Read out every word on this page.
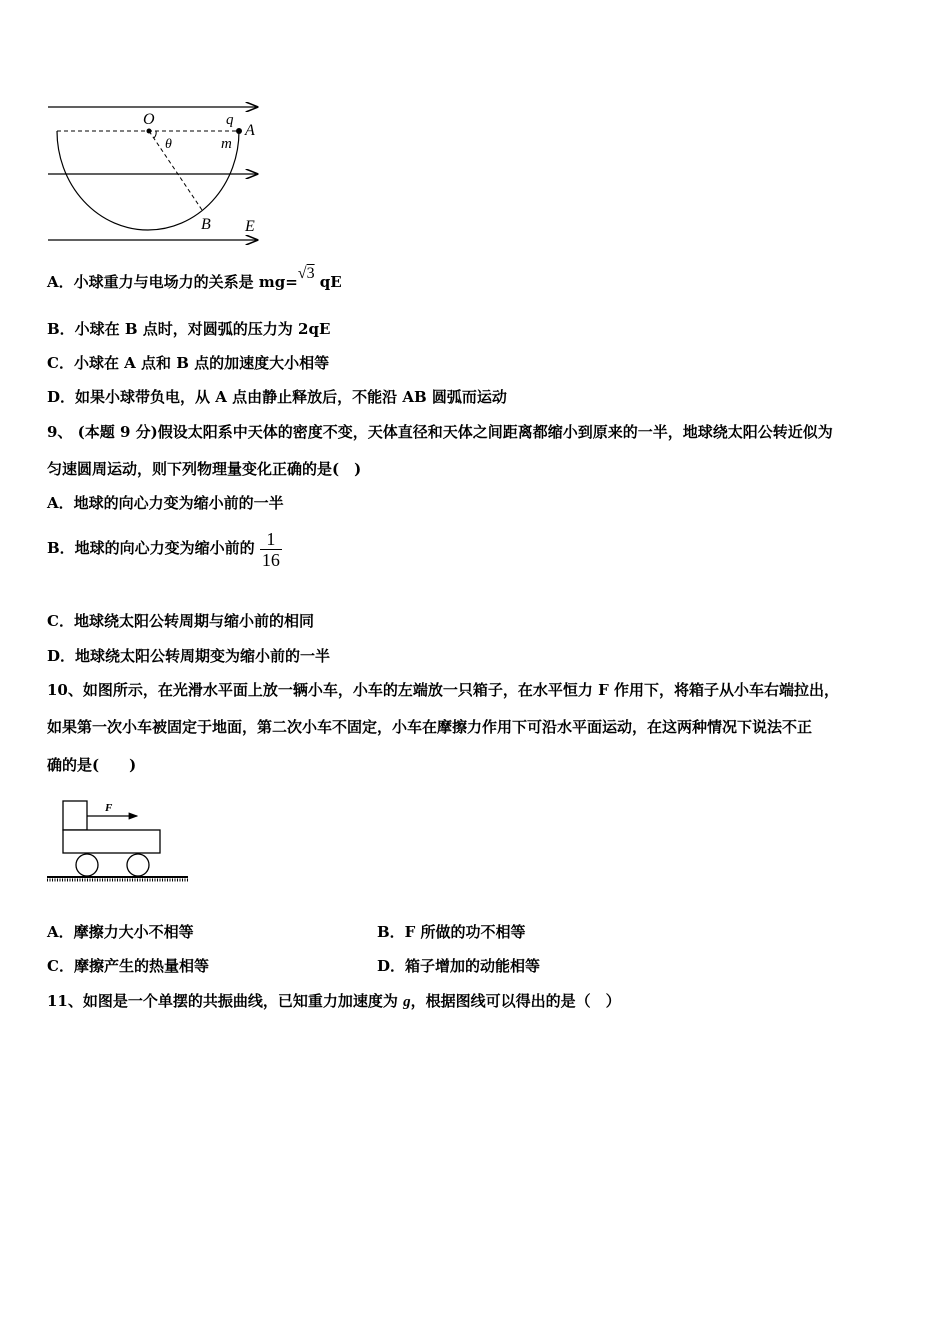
O	q
A
θ	m
B E
A．小球重力与电场力的关系是 mg=√3 qE
B．小球在 B 点时，对圆弧的压力为 2qE
C．小球在 A 点和 B 点的加速度大小相等
D．如果小球带负电，从 A 点由静止释放后，不能沿 AB 圆弧而运动
9、 (本题 9 分)假设太阳系中天体的密度不变，天体直径和天体之间距离都缩小到原来的一半，地球绕太阳公转近似为
匀速圆周运动，则下列物理量变化正确的是(　)
A．地球的向心力变为缩小前的一半
B．地球的向心力变为缩小前的 $\frac{1}{16}$
C．地球绕太阳公转周期与缩小前的相同
D．地球绕太阳公转周期变为缩小前的一半
10、如图所示，在光滑水平面上放一辆小车，小车的左端放一只箱子，在水平恒力 F 作用下，将箱子从小车右端拉出，
如果第一次小车被固定于地面，第二次小车不固定，小车在摩擦力作用下可沿水平面运动，在这两种情况下说法不正
确的是(　　)
F
A．摩擦力大小不相等	B．F 所做的功不相等
C．摩擦产生的热量相等	D．箱子增加的动能相等
11、如图是一个单摆的共振曲线，已知重力加速度为 g，根据图线可以得出的是（　）
